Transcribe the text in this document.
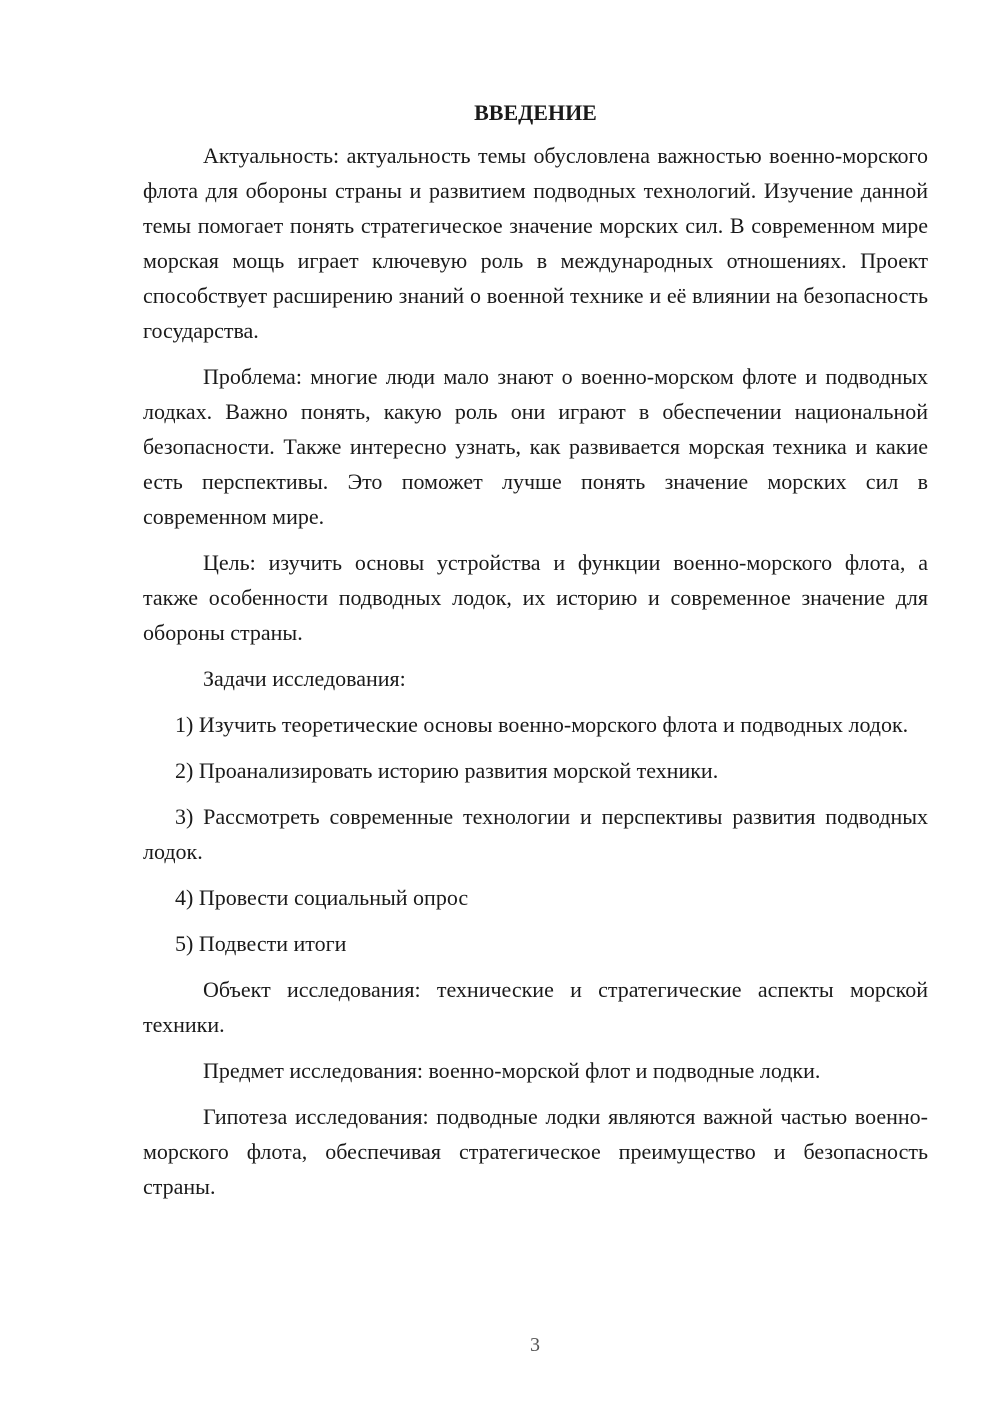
ВВЕДЕНИЕ

Актуальность: актуальность темы обусловлена важностью военно-морского флота для обороны страны и развитием подводных технологий. Изучение данной темы помогает понять стратегическое значение морских сил. В современном мире морская мощь играет ключевую роль в международных отношениях. Проект способствует расширению знаний о военной технике и её влиянии на безопасность государства.

Проблема: многие люди мало знают о военно-морском флоте и подводных лодках. Важно понять, какую роль они играют в обеспечении национальной безопасности. Также интересно узнать, как развивается морская техника и какие есть перспективы. Это поможет лучше понять значение морских сил в современном мире.

Цель: изучить основы устройства и функции военно-морского флота, а также особенности подводных лодок, их историю и современное значение для обороны страны.

Задачи исследования:

1) Изучить теоретические основы военно-морского флота и подводных лодок.

2) Проанализировать историю развития морской техники.

3) Рассмотреть современные технологии и перспективы развития подводных лодок.

4) Провести социальный опрос

5) Подвести итоги

Объект исследования: технические и стратегические аспекты морской техники.

Предмет исследования: военно-морской флот и подводные лодки.

Гипотеза исследования: подводные лодки являются важной частью военно-морского флота, обеспечивая стратегическое преимущество и безопасность страны.

3
